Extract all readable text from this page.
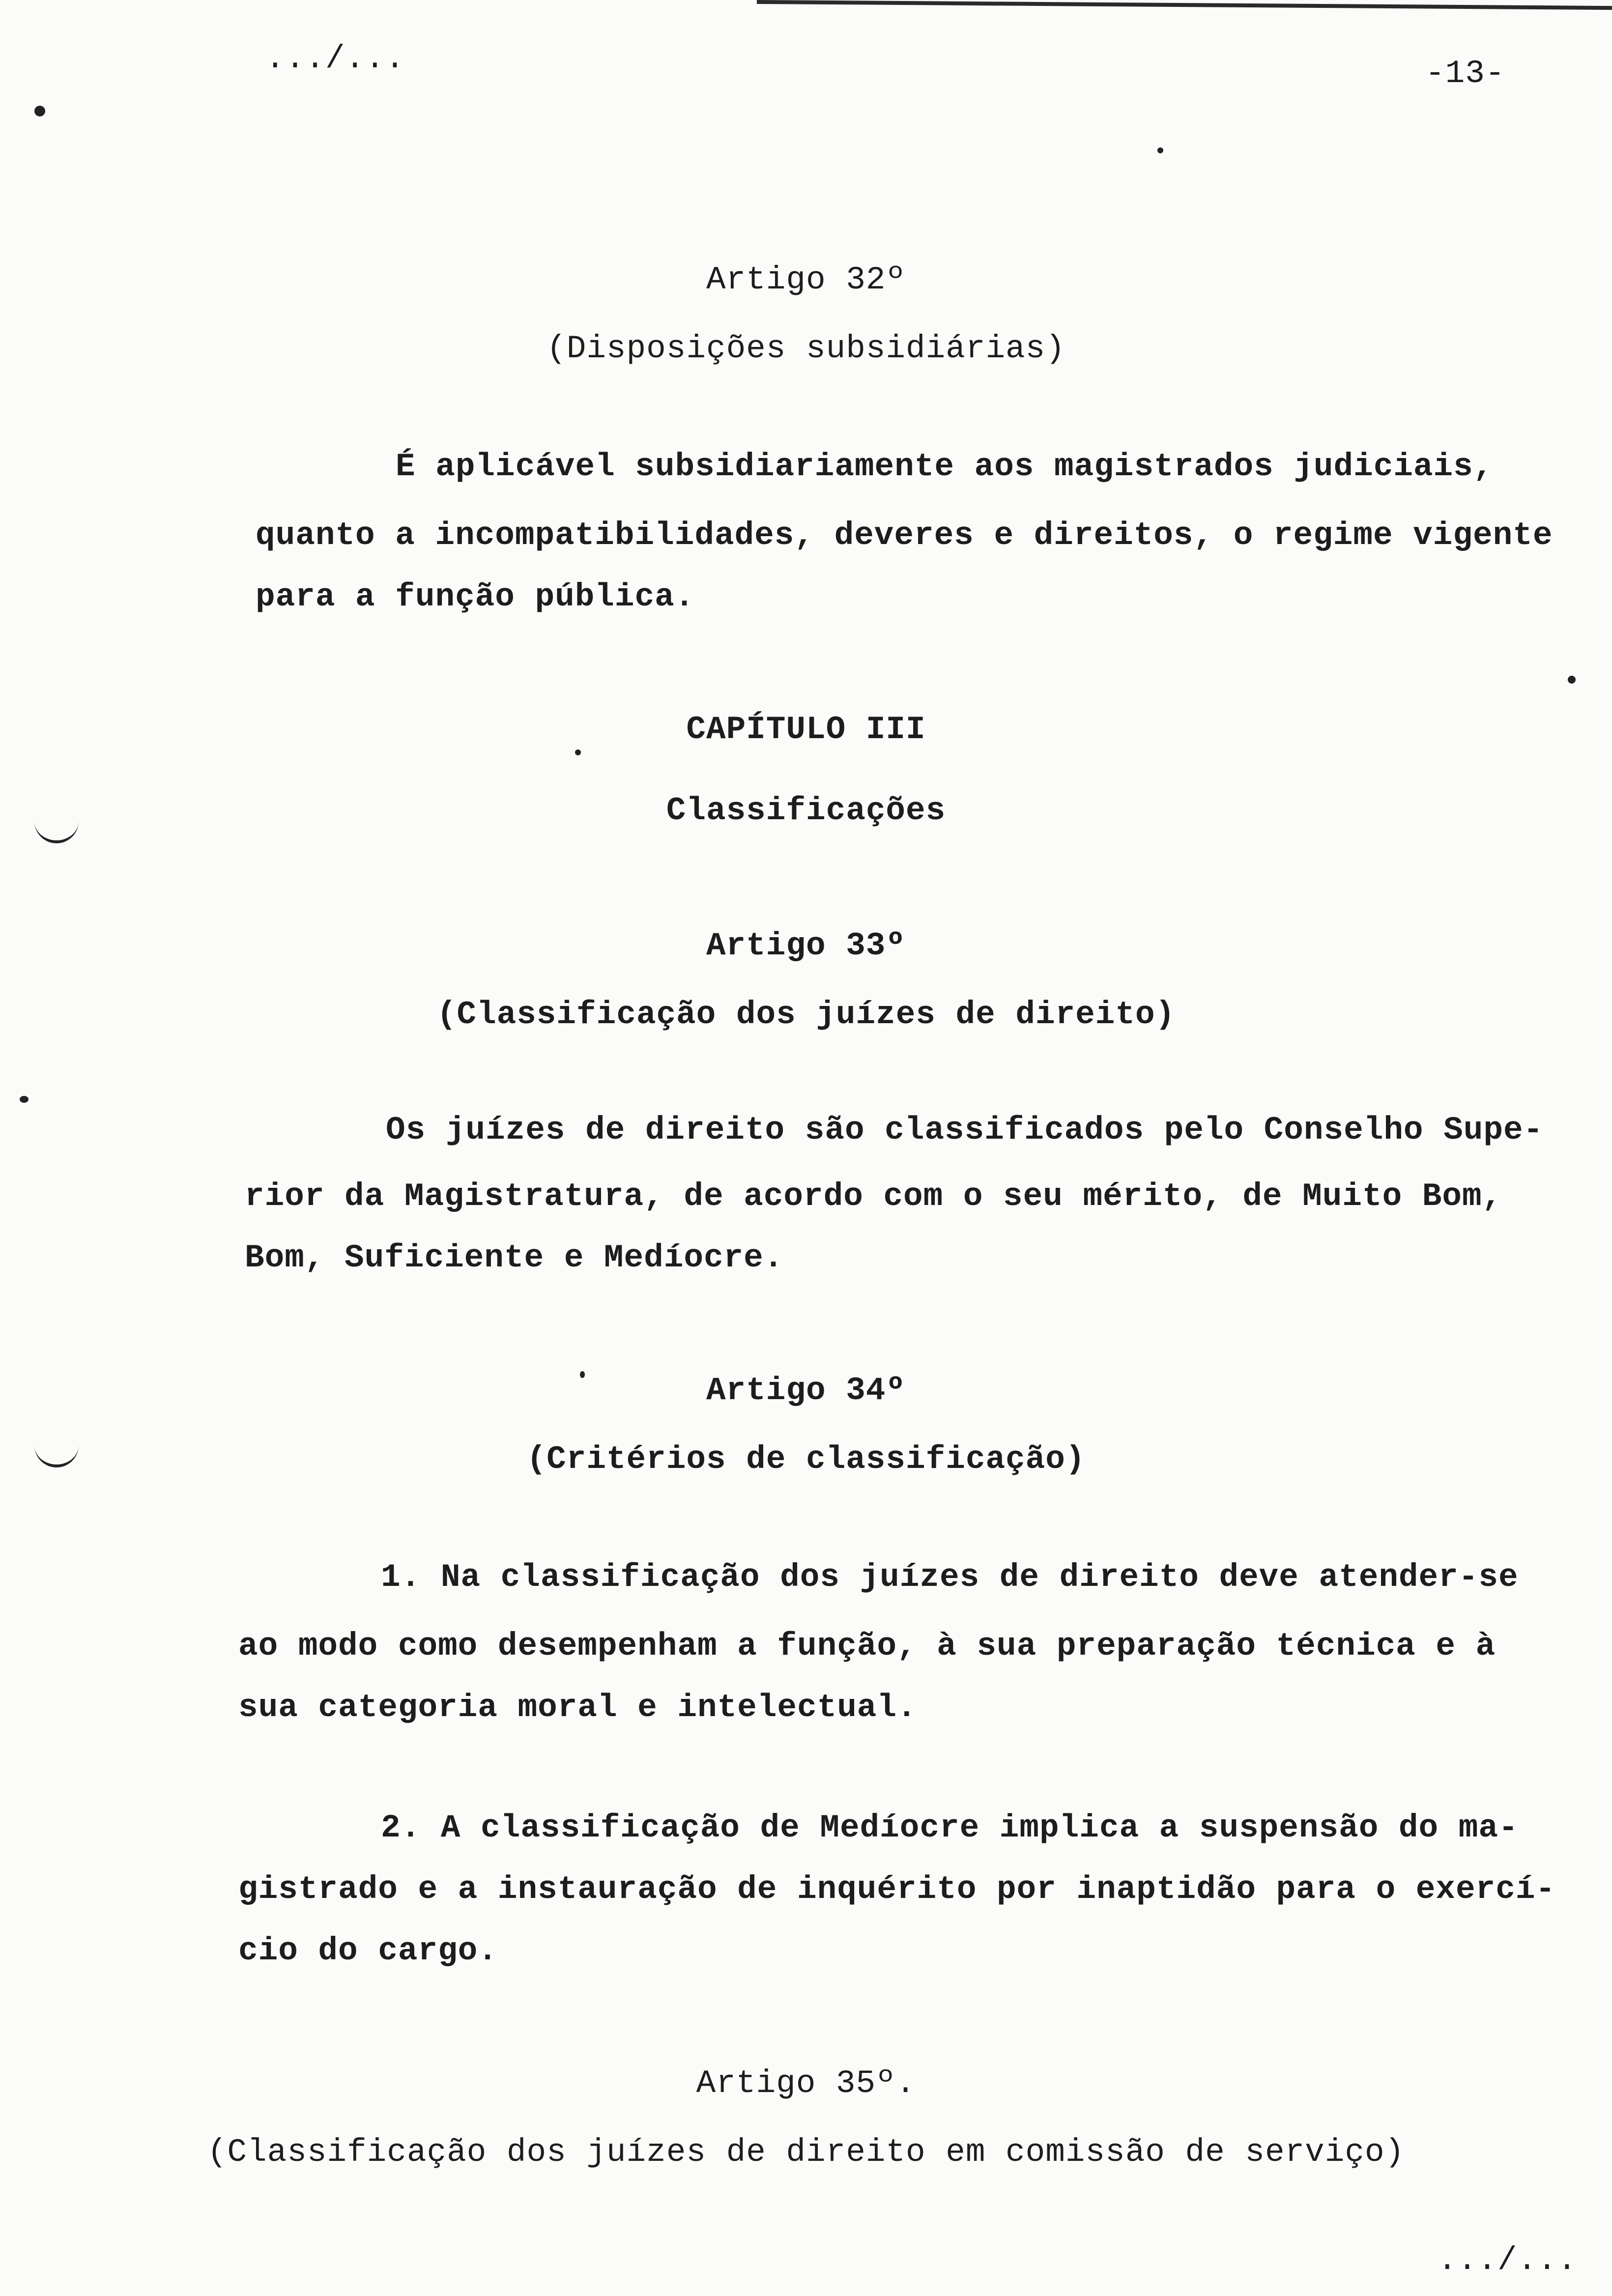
.../...	-13-
Artigo 32º
(Disposições subsidiárias)
É aplicável subsidiariamente aos magistrados judiciais,
quanto a incompatibilidades, deveres e direitos, o regime vigente
para a função pública.
CAPÍTULO III
Classificações
Artigo 33º
(Classificação dos juízes de direito)
Os juízes de direito são classificados pelo Conselho Supe-
rior da Magistratura, de acordo com o seu mérito, de Muito Bom,
Bom, Suficiente e Medíocre.
Artigo 34º
(Critérios de classificação)
1. Na classificação dos juízes de direito deve atender-se
ao modo como desempenham a função, à sua preparação técnica e à
sua categoria moral e intelectual.
2. A classificação de Medíocre implica a suspensão do ma-
gistrado e a instauração de inquérito por inaptidão para o exercí-
cio do cargo.
Artigo 35º.
(Classificação dos juízes de direito em comissão de serviço)
.../...
